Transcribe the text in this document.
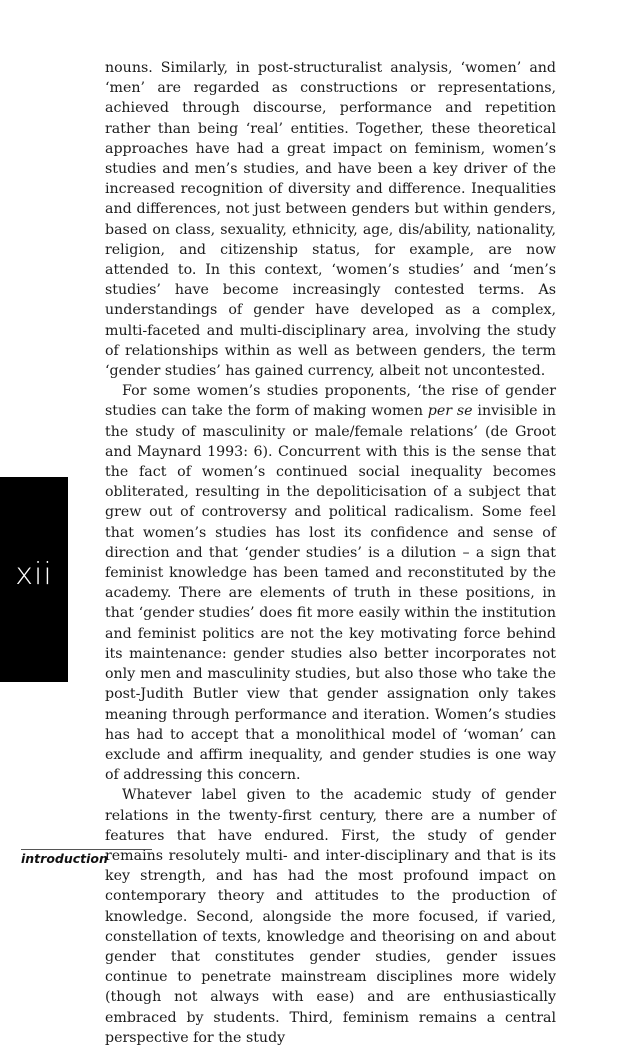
nouns. Similarly, in post-structuralist analysis, ‘women’ and ‘men’ are regarded as constructions or representations, achieved through discourse, performance and repetition rather than being ‘real’ entities. Together, these theoretical approaches have had a great impact on feminism, women’s studies and men’s studies, and have been a key driver of the increased recognition of diversity and difference. Inequalities and differences, not just between genders but within genders, based on class, sexuality, ethnicity, age, dis/ability, nationality, religion, and citizenship status, for example, are now attended to. In this context, ‘women’s studies’ and ‘men’s studies’ have become increasingly contested terms. As understandings of gender have developed as a complex, multi-faceted and multi-disciplinary area, involving the study of relationships within as well as between genders, the term ‘gender studies’ has gained currency, albeit not uncontested.

For some women’s studies proponents, ‘the rise of gender studies can take the form of making women per se invisible in the study of masculinity or male/female relations’ (de Groot and Maynard 1993: 6). Concurrent with this is the sense that the fact of women’s continued social inequality becomes obliterated, resulting in the depoliticisation of a subject that grew out of controversy and political radicalism. Some feel that women’s studies has lost its confidence and sense of direction and that ‘gender studies’ is a dilution – a sign that feminist knowledge has been tamed and reconstituted by the academy. There are elements of truth in these positions, in that ‘gender studies’ does fit more easily within the institution and feminist politics are not the key motivating force behind its maintenance: gender studies also better incorporates not only men and masculinity studies, but also those who take the post-Judith Butler view that gender assignation only takes meaning through performance and iteration. Women’s studies has had to accept that a monolithical model of ‘woman’ can exclude and affirm inequality, and gender studies is one way of addressing this concern.

Whatever label given to the academic study of gender relations in the twenty-first century, there are a number of features that have endured. First, the study of gender remains resolutely multi- and inter-disciplinary and that is its key strength, and has had the most profound impact on contemporary theory and attitudes to the production of knowledge. Second, alongside the more focused, if varied, constellation of texts, knowledge and theorising on and about gender that constitutes gender studies, gender issues continue to penetrate mainstream disciplines more widely (though not always with ease) and are enthusiastically embraced by students. Third, feminism remains a central perspective for the study

xii
introduction
